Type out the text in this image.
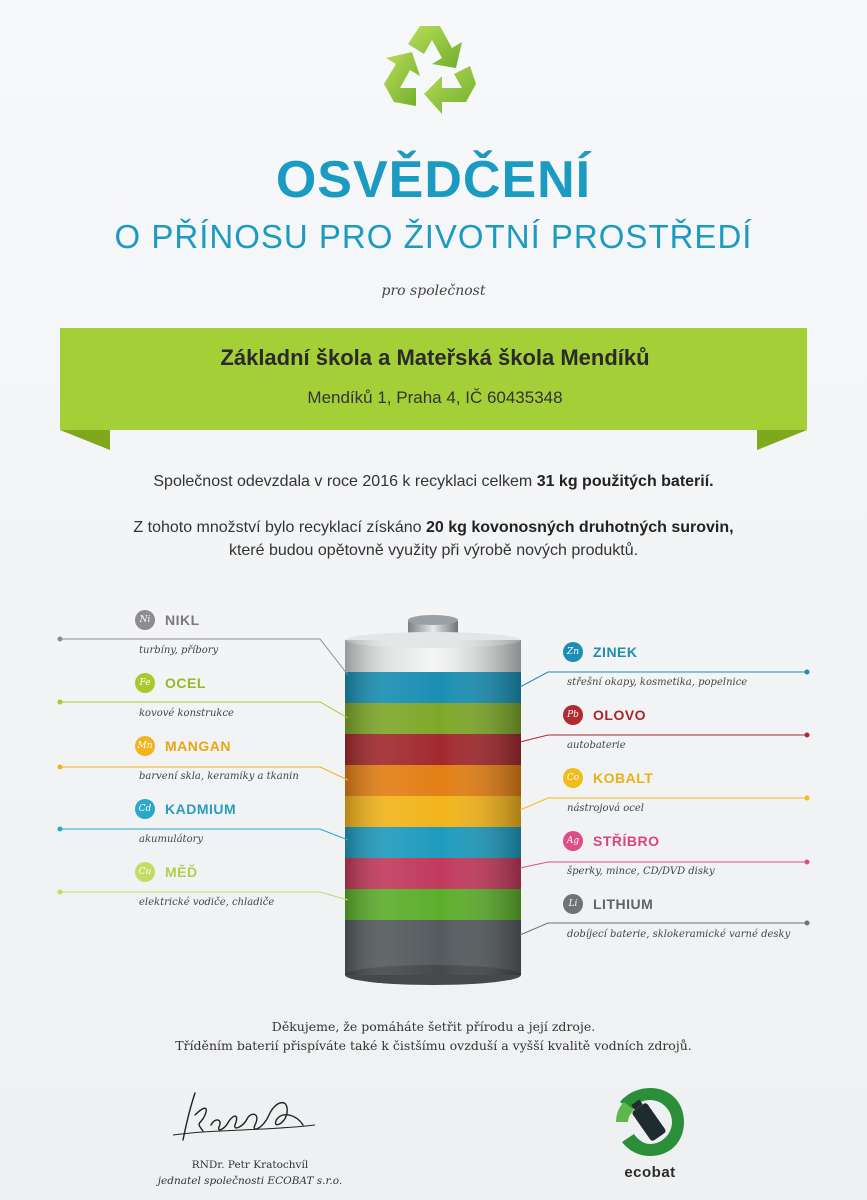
OSVĚDČENÍ
O PŘÍNOSU PRO ŽIVOTNÍ PROSTŘEDÍ
pro společnost
Základní škola a Mateřská škola Mendíků
Mendíků 1, Praha 4, IČ 60435348
Společnost odevzdala v roce 2016 k recyklaci celkem 31 kg použitých baterií.
Z tohoto množství bylo recyklací získáno 20 kg kovonosných druhotných surovin,
které budou opětovně využity při výrobě nových produktů.
Ni	NIKL
turbíny, příbory
Fe	OCEL
kovové konstrukce
Mn MANGAN
barvení skla, keramiky a tkanin
Cd KADMIUM
akumulátory
Cu MĚĎ
elektrické vodiče, chladiče
Zn ZINEK
střešní okapy, kosmetika, popelnice
Pb OLOVO
autobaterie
Co KOBALT
nástrojová ocel
Ag STŘÍBRO
šperky, mince, CD/DVD disky
Li	LITHIUM
dobíjecí baterie, sklokeramické varné desky
Děkujeme, že pomáháte šetřit přírodu a její zdroje.
Tříděním baterií přispíváte také k čistšímu ovzduší a vyšší kvalitě vodních zdrojů.
RNDr. Petr Kratochvíl
jednatel společnosti ECOBAT s.r.o.	ecobat
